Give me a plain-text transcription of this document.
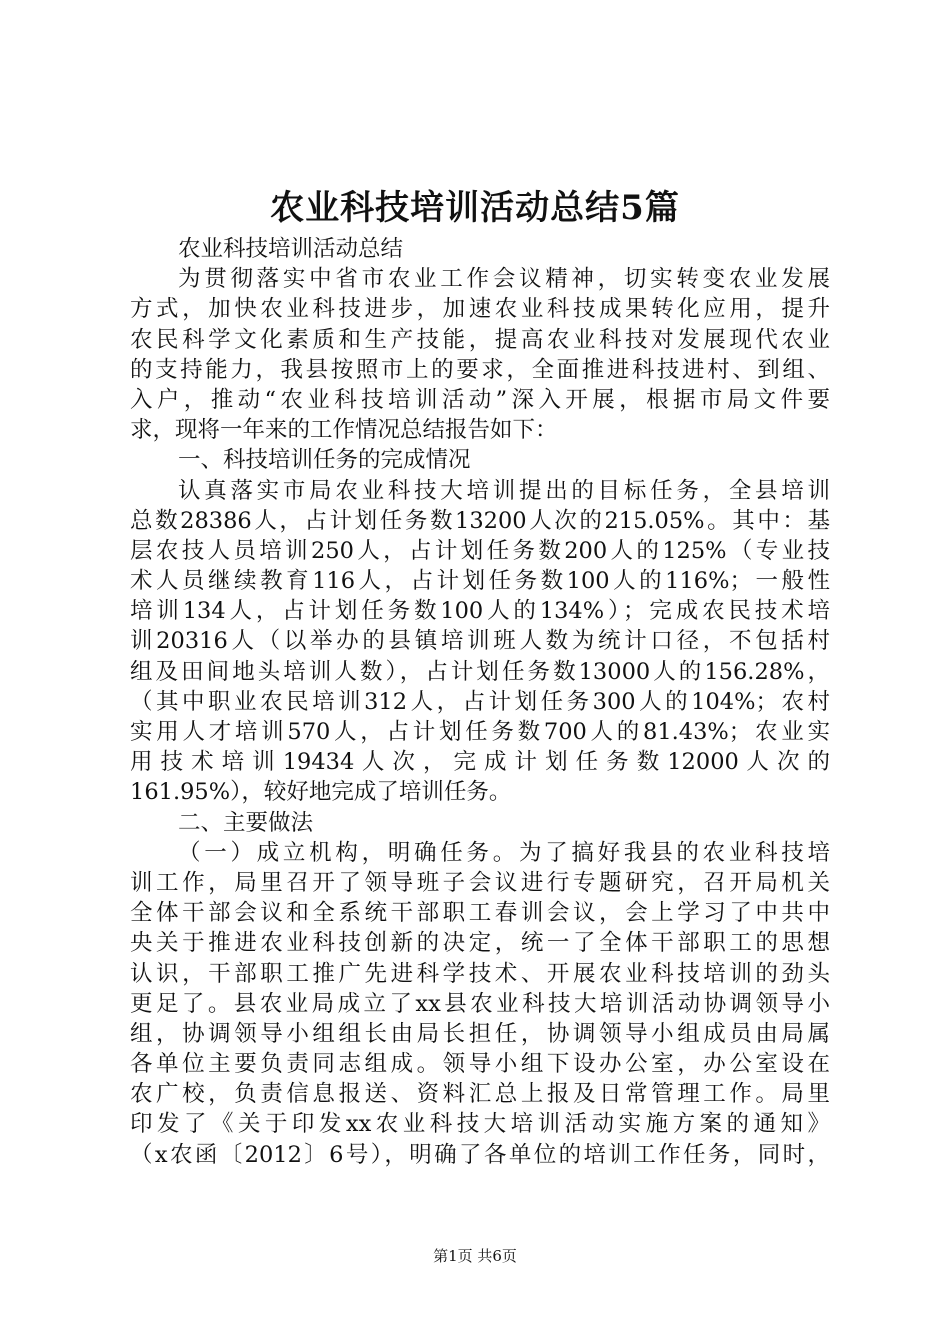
农业科技培训活动总结5篇
农业科技培训活动总结
为贯彻落实中省市农业工作会议精神，切实转变农业发展
方式，加快农业科技进步，加速农业科技成果转化应用，提升
农民科学文化素质和生产技能，提高农业科技对发展现代农业
的支持能力，我县按照市上的要求，全面推进科技进村、到组、
入户，推动“农业科技培训活动”深入开展，根据市局文件要
求，现将一年来的工作情况总结报告如下：
一、科技培训任务的完成情况
认真落实市局农业科技大培训提出的目标任务，全县培训
总数28386人，占计划任务数13200人次的215.05%。其中：基
层农技人员培训250人，占计划任务数200人的125%（专业技
术人员继续教育116人，占计划任务数100人的116%；一般性
培训134人，占计划任务数100人的134%）；完成农民技术培
训20316人（以举办的县镇培训班人数为统计口径，不包括村
组及田间地头培训人数），占计划任务数13000人的156.28%，
（其中职业农民培训312人，占计划任务300人的104%；农村
实用人才培训570人，占计划任务数700人的81.43%；农业实
用 技 术 培 训 19434 人 次 ， 完 成 计 划 任 务 数 12000 人 次 的
161.95%），较好地完成了培训任务。
二、主要做法
（一）成立机构，明确任务。为了搞好我县的农业科技培
训工作，局里召开了领导班子会议进行专题研究，召开局机关
全体干部会议和全系统干部职工春训会议，会上学习了中共中
央关于推进农业科技创新的决定，统一了全体干部职工的思想
认识，干部职工推广先进科学技术、开展农业科技培训的劲头
更足了。县农业局成立了xx县农业科技大培训活动协调领导小
组，协调领导小组组长由局长担任，协调领导小组成员由局属
各单位主要负责同志组成。领导小组下设办公室，办公室设在
农广校，负责信息报送、资料汇总上报及日常管理工作。局里
印发了《关于印发xx农业科技大培训活动实施方案的通知》
（x农函〔2012〕6号），明确了各单位的培训工作任务，同时，
第1页 共6页
